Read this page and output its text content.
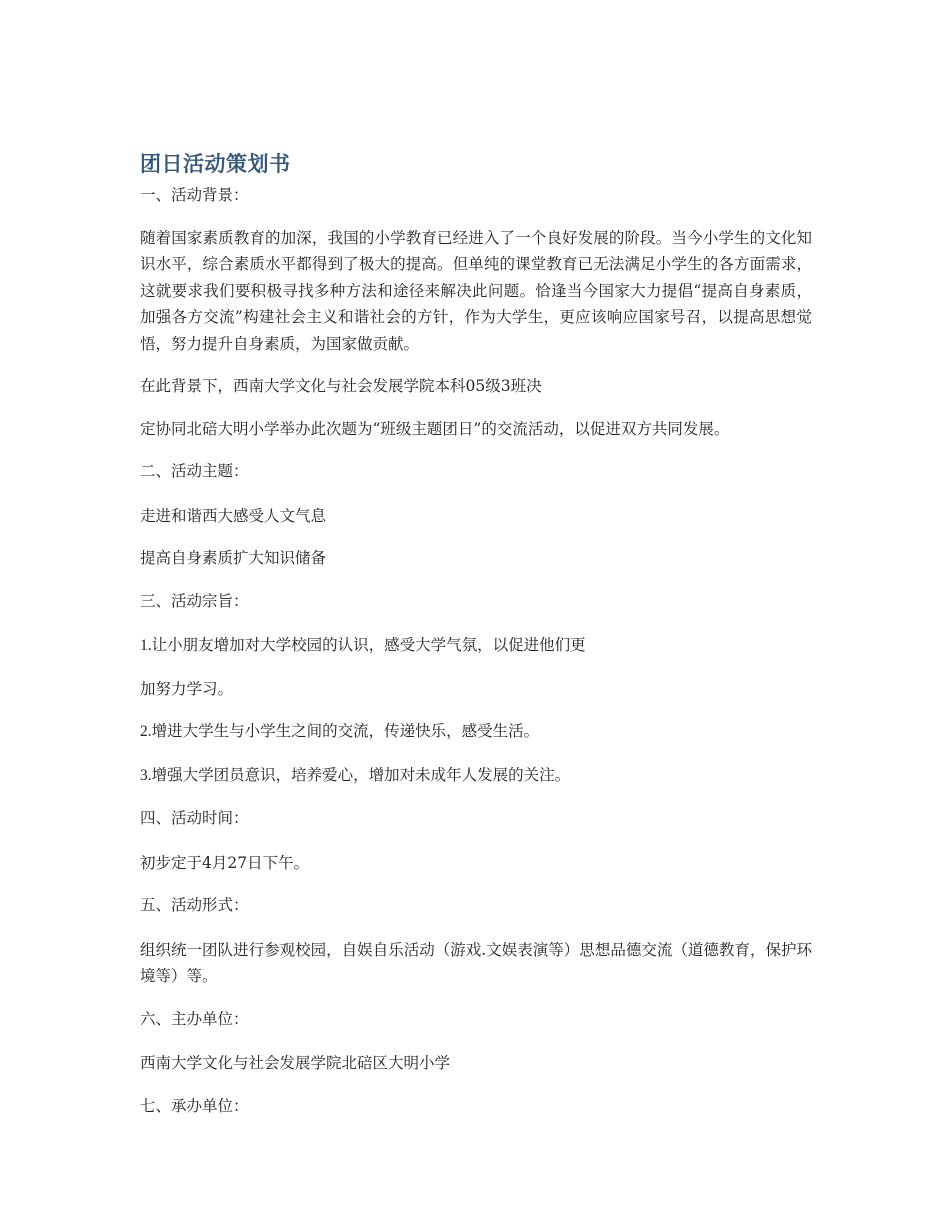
团日活动策划书

一、活动背景：

随着国家素质教育的加深，我国的小学教育已经进入了一个良好发展的阶段。当今小学生的文化知识水平，综合素质水平都得到了极大的提高。但单纯的课堂教育已无法满足小学生的各方面需求，这就要求我们要积极寻找多种方法和途径来解决此问题。恰逢当今国家大力提倡“提高自身素质，加强各方交流”构建社会主义和谐社会的方针，作为大学生，更应该响应国家号召，以提高思想觉悟，努力提升自身素质，为国家做贡献。

在此背景下，西南大学文化与社会发展学院本科05级3班决

定协同北碚大明小学举办此次题为“班级主题团日”的交流活动，以促进双方共同发展。

二、活动主题：

走进和谐西大感受人文气息

提高自身素质扩大知识储备

三、活动宗旨：

1.让小朋友增加对大学校园的认识，感受大学气氛，以促进他们更

加努力学习。

2.增进大学生与小学生之间的交流，传递快乐，感受生活。

3.增强大学团员意识，培养爱心，增加对未成年人发展的关注。

四、活动时间：

初步定于4月27日下午。

五、活动形式：

组织统一团队进行参观校园，自娱自乐活动（游戏.文娱表演等）思想品德交流（道德教育，保护环境等）等。

六、主办单位：

西南大学文化与社会发展学院北碚区大明小学

七、承办单位：
